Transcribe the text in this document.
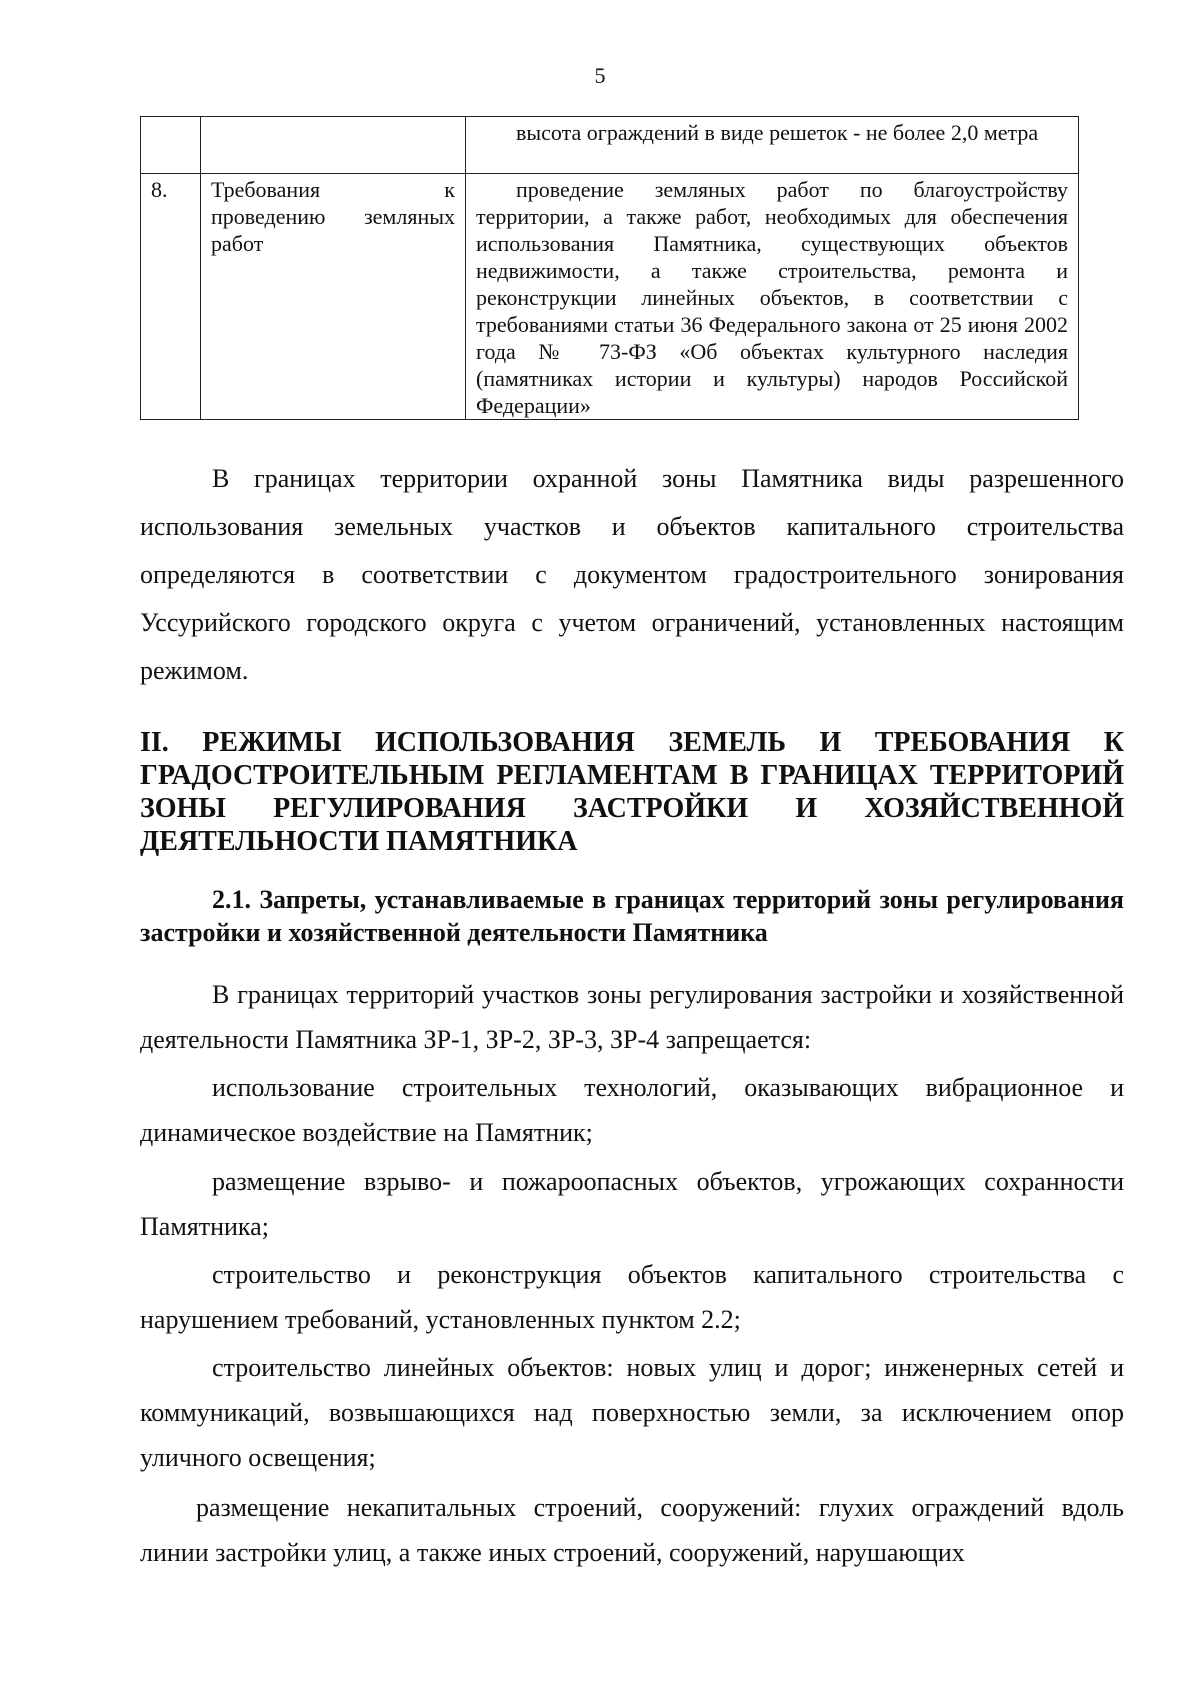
5
		высота ограждений в виде решеток - не более 2,0 метра
8.	Требования к проведению земляных работ	проведение земляных работ по благоустройству территории, а также работ, необходимых для обеспечения использования Памятника, существующих объектов недвижимости, а также строительства, ремонта и реконструкции линейных объектов, в соответствии с требованиями статьи 36 Федерального закона от 25 июня 2002 года № 73-ФЗ «Об объектах культурного наследия (памятниках истории и культуры) народов Российской Федерации»

В границах территории охранной зоны Памятника виды разрешенного использования земельных участков и объектов капитального строительства определяются в соответствии с документом градостроительного зонирования Уссурийского городского округа с учетом ограничений, установленных настоящим режимом.

II. РЕЖИМЫ ИСПОЛЬЗОВАНИЯ ЗЕМЕЛЬ И ТРЕБОВАНИЯ К ГРАДОСТРОИТЕЛЬНЫМ РЕГЛАМЕНТАМ В ГРАНИЦАХ ТЕРРИТОРИЙ ЗОНЫ РЕГУЛИРОВАНИЯ ЗАСТРОЙКИ И ХОЗЯЙСТВЕННОЙ ДЕЯТЕЛЬНОСТИ ПАМЯТНИКА
2.1. Запреты, устанавливаемые в границах территорий зоны регулирования застройки и хозяйственной деятельности Памятника

В границах территорий участков зоны регулирования застройки и хозяйственной деятельности Памятника ЗР-1, ЗР-2, ЗР-3, ЗР-4 запрещается:

использование строительных технологий, оказывающих вибрационное и динамическое воздействие на Памятник;

размещение взрыво- и пожароопасных объектов, угрожающих сохранности Памятника;

строительство и реконструкция объектов капитального строительства с нарушением требований, установленных пунктом 2.2;

строительство линейных объектов: новых улиц и дорог; инженерных сетей и коммуникаций, возвышающихся над поверхностью земли, за исключением опор уличного освещения;

размещение некапитальных строений, сооружений: глухих ограждений вдоль линии застройки улиц, а также иных строений, сооружений, нарушающих
